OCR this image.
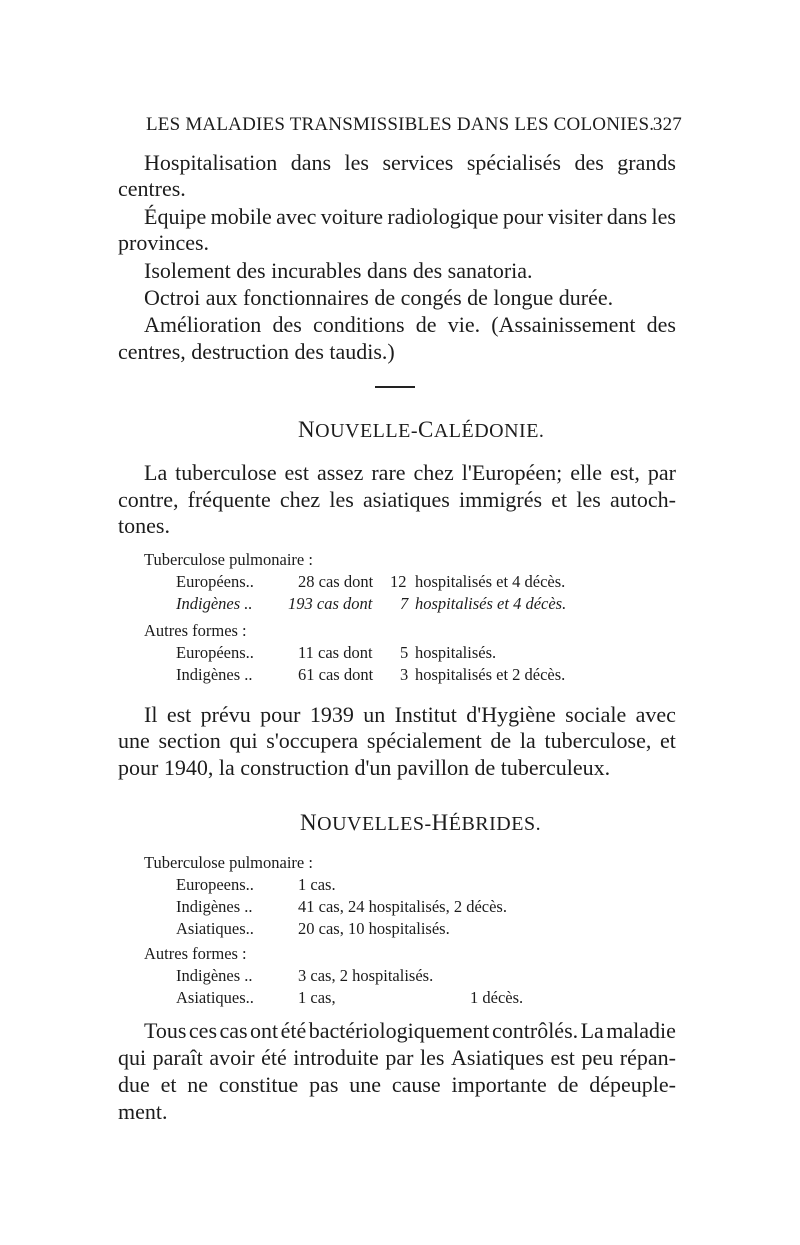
LES MALADIES TRANSMISSIBLES DANS LES COLONIES.
327
Hospitalisation dans les services spécialisés des grands
centres.
Équipe mobile avec voiture radiologique pour visiter dans les
provinces.
Isolement des incurables dans des sanatoria.
Octroi aux fonctionnaires de congés de longue durée.
Amélioration des conditions de vie. (Assainissement des
centres, destruction des taudis.)
NOUVELLE-CALÉDONIE.
La tuberculose est assez rare chez l'Européen; elle est, par
contre, fréquente chez les asiatiques immigrés et les autoch-
tones.
Tuberculose pulmonaire :
Européens..	28 cas dont 12 hospitalisés et 4 décès.
Indigènes .. 193 cas dont 7 hospitalisés et 4 décès.
Autres formes :
Européens..	11 cas dont 5 hospitalisés.
Indigènes ..	61 cas dont 3 hospitalisés et 2 décès.
Il est prévu pour 1939 un Institut d'Hygiène sociale avec
une section qui s'occupera spécialement de la tuberculose, et
pour 1940, la construction d'un pavillon de tuberculeux.
NOUVELLES-HÉBRIDES.
Tuberculose pulmonaire :
Europeens..	1 cas.
Indigènes ..	41 cas, 24 hospitalisés, 2 décès.
Asiatiques..	20 cas, 10 hospitalisés.
Autres formes :
Indigènes ..	3 cas, 2 hospitalisés.
Asiatiques..	1 cas,	1 décès.
Tous ces cas ont été bactériologiquement contrôlés. La maladie
qui paraît avoir été introduite par les Asiatiques est peu répan-
due et ne constitue pas une cause importante de dépeuple-
ment.
